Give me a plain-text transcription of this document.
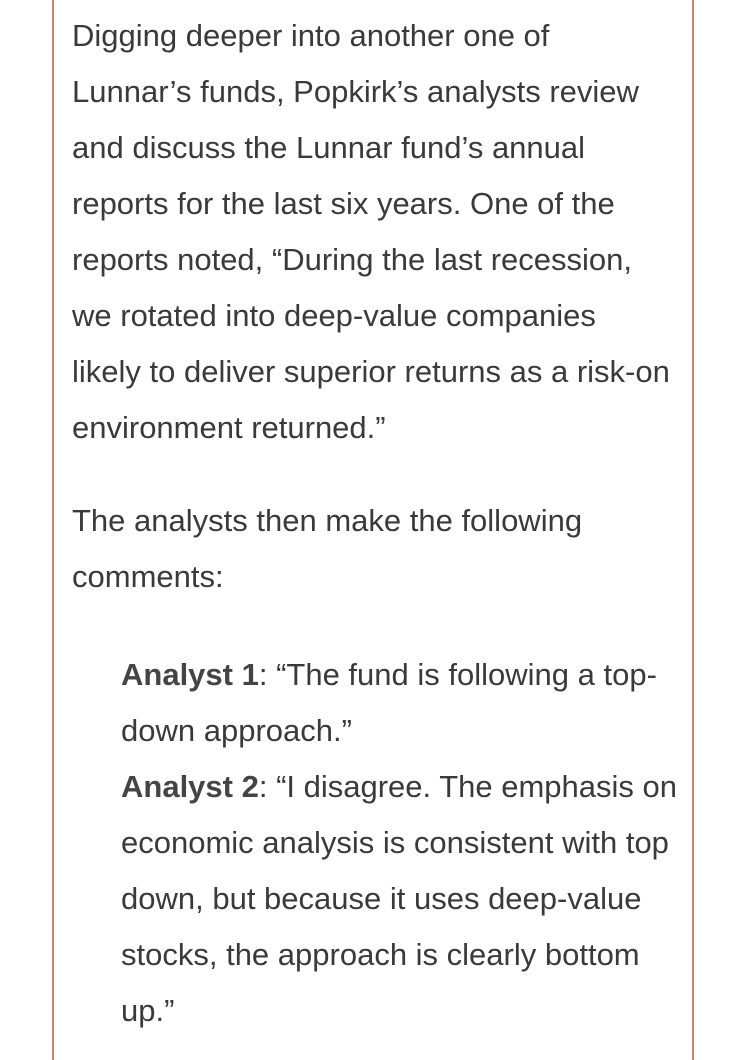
Digging deeper into another one of Lunnar’s funds, Popkirk’s analysts review and discuss the Lunnar fund’s annual reports for the last six years. One of the reports noted, “During the last recession, we rotated into deep-value companies likely to deliver superior returns as a risk-on environment returned.”

The analysts then make the following comments:

Analyst 1: “The fund is following a top-down approach.”

Analyst 2: “I disagree. The emphasis on economic analysis is consistent with top down, but because it uses deep-value stocks, the approach is clearly bottom up.”
